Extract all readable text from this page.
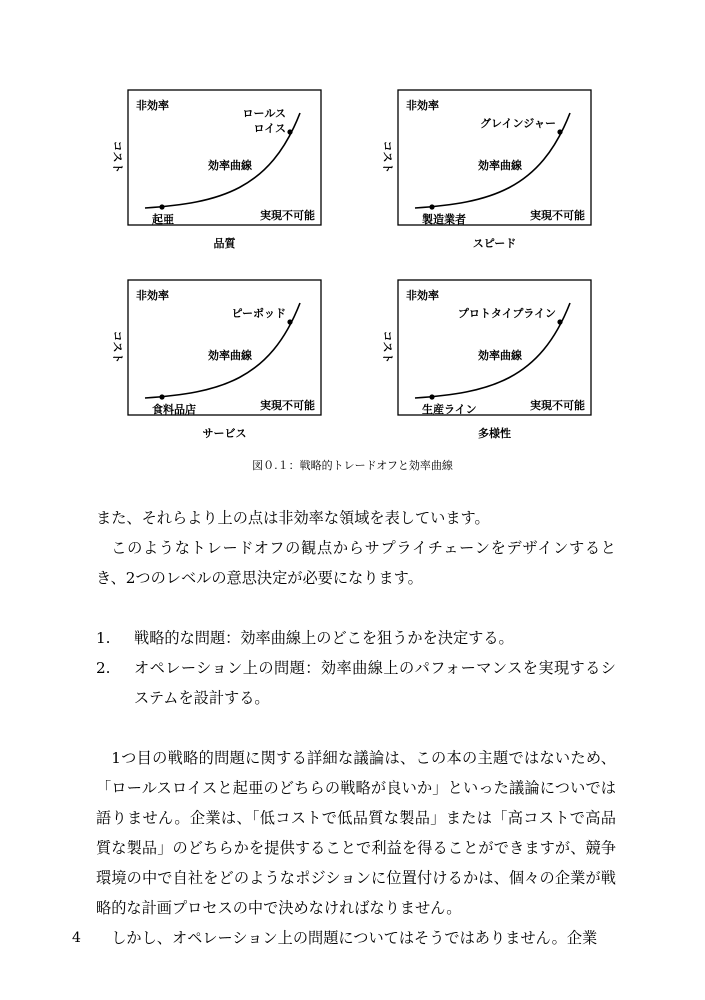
コスト
品質
非効率
効率曲線
実現不可能
起亜
ロールス
ロイス
コスト
スピード
非効率
効率曲線
実現不可能
製造業者
グレインジャー
コスト
サービス
非効率
効率曲線
実現不可能
食料品店
ピーポッド
コスト
多様性
非効率
効率曲線
実現不可能
生産ライン
プロトタイプライン
図０.１：戦略的トレードオフと効率曲線

また、それらより上の点は非効率な領域を表しています。

このようなトレードオフの観点からサプライチェーンをデザインするとき、2つのレベルの意思決定が必要になります。

1.	戦略的な問題：効率曲線上のどこを狙うかを決定する。
2.	オペレーション上の問題：効率曲線上のパフォーマンスを実現するシステムを設計する。

1つ目の戦略的問題に関する詳細な議論は、この本の主題ではないため、「ロールスロイスと起亜のどちらの戦略が良いか」といった議論についでは語りません。企業は、「低コストで低品質な製品」または「高コストで高品質な製品」のどちらかを提供することで利益を得ることができますが、競争環境の中で自社をどのようなポジションに位置付けるかは、個々の企業が戦略的な計画プロセスの中で決めなければなりません。

しかし、オペレーション上の問題についてはそうではありません。企業

4
